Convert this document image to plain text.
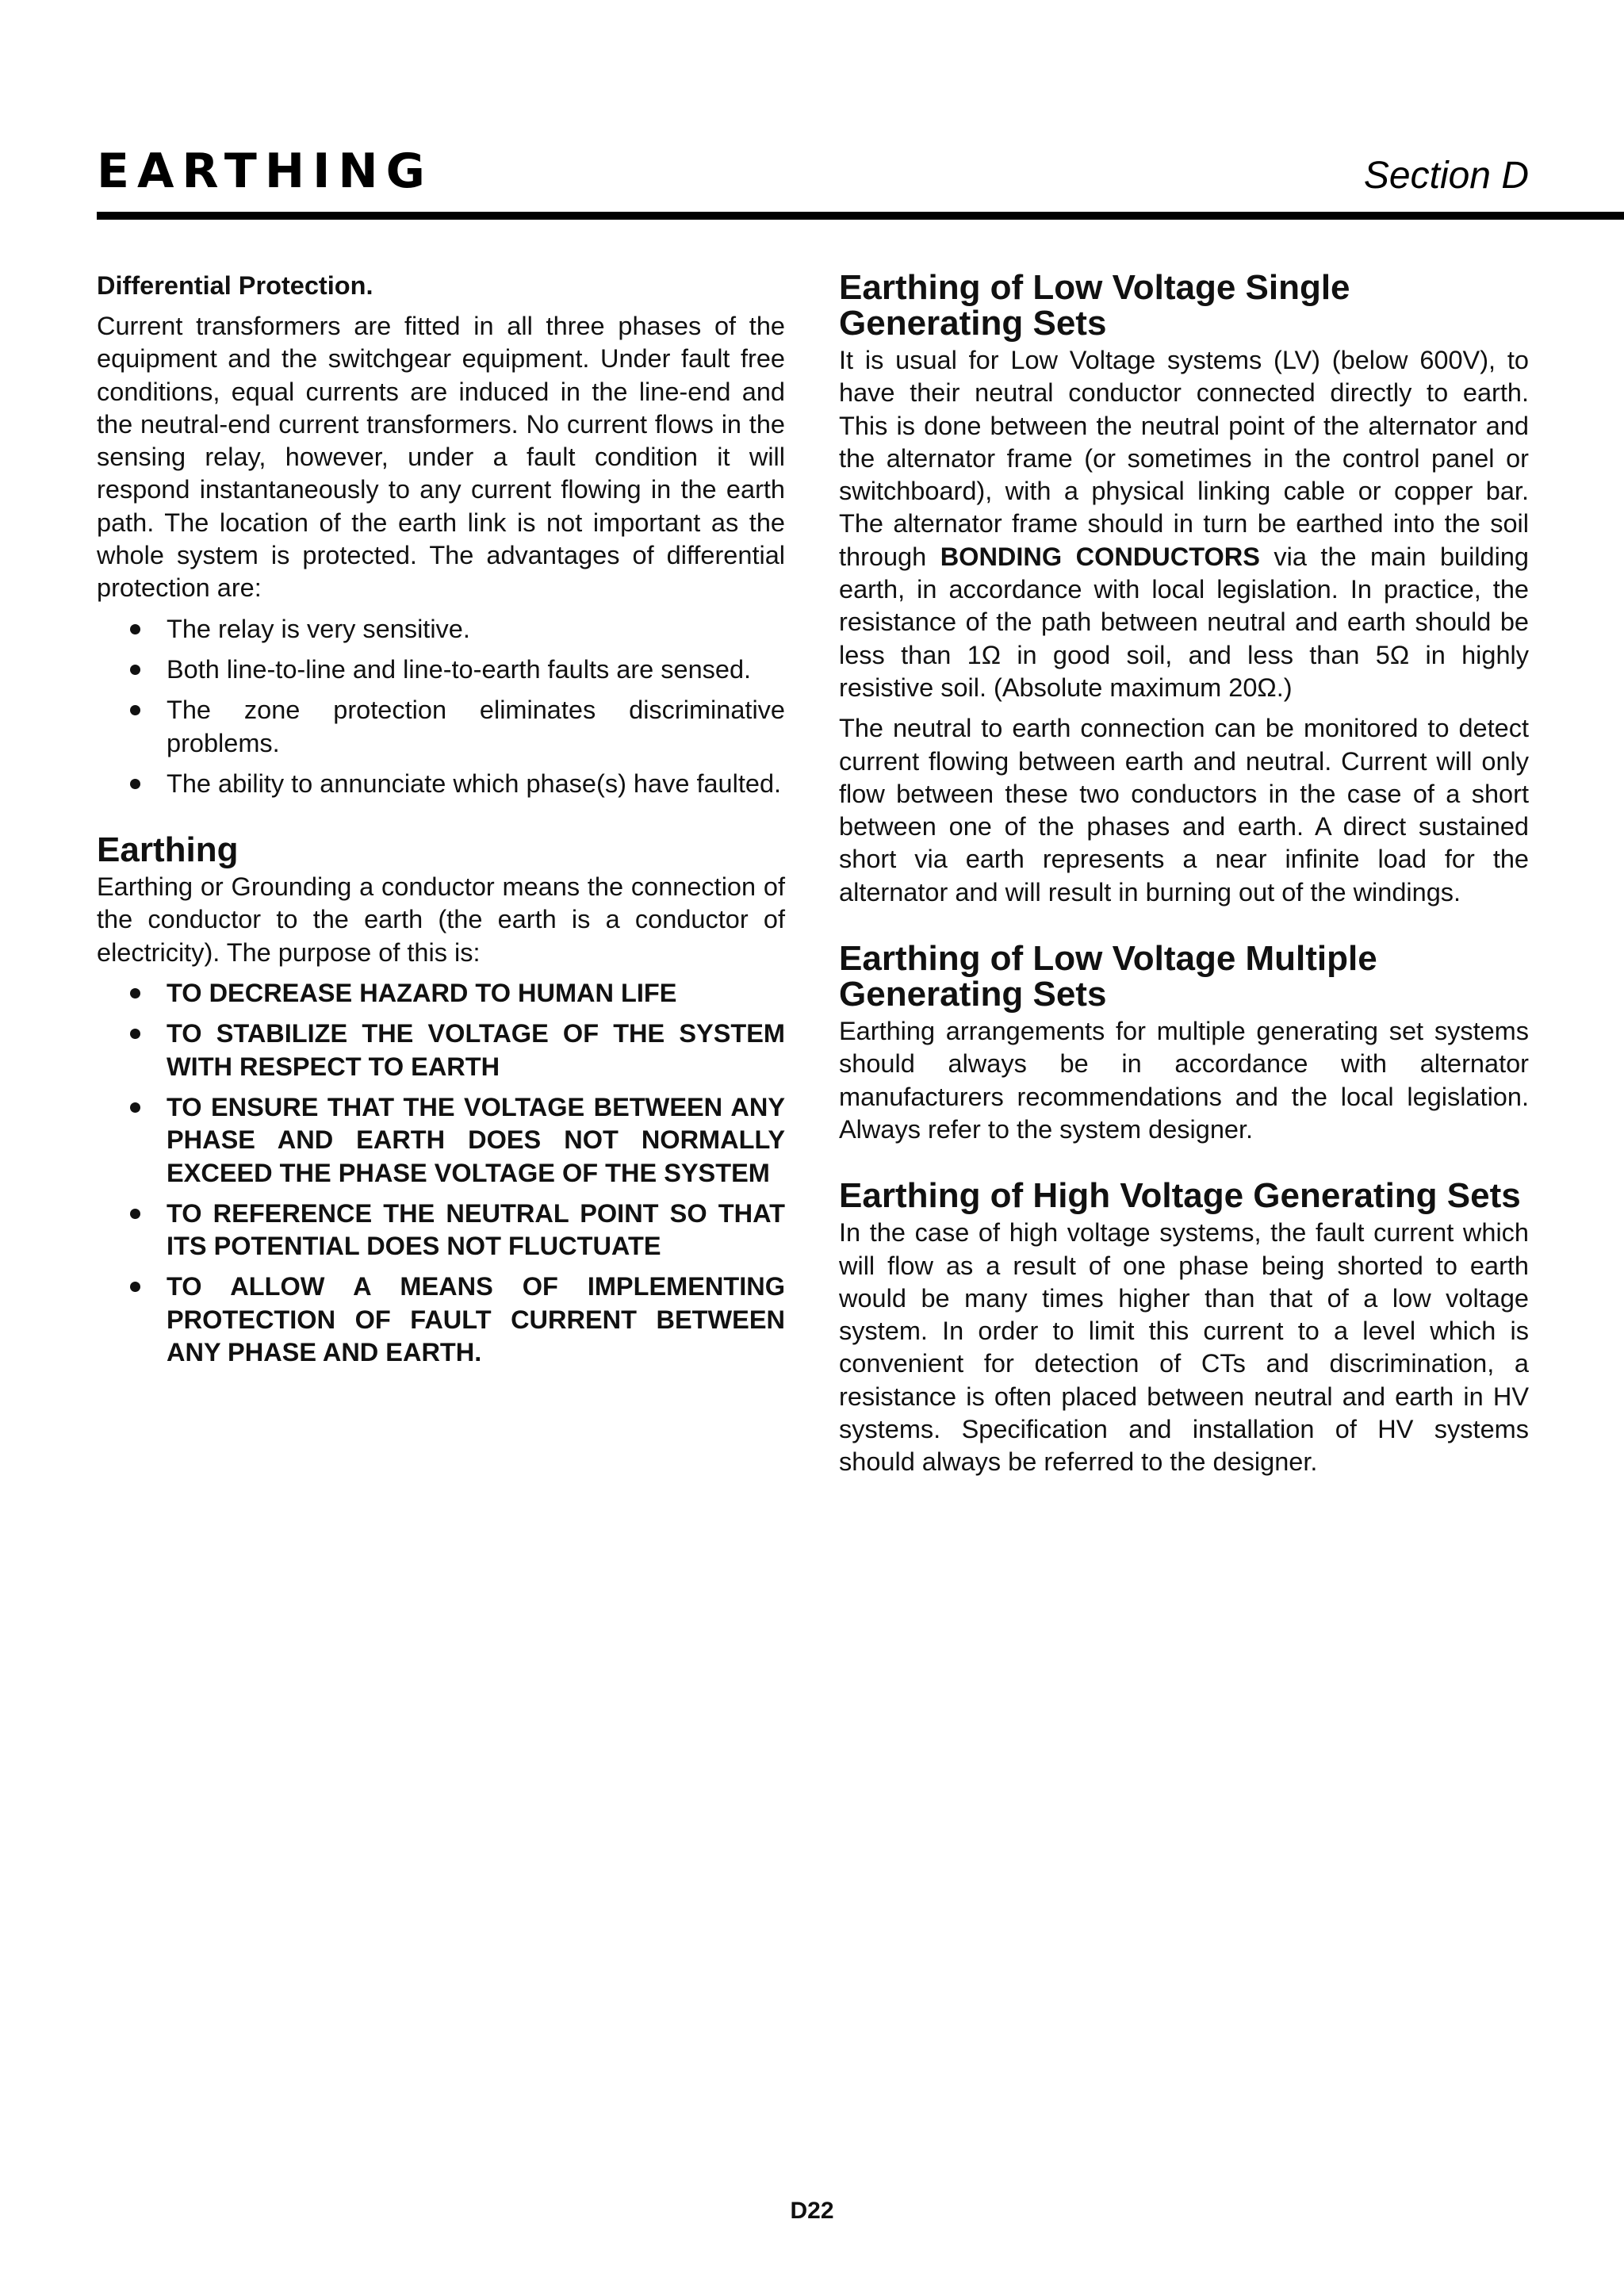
EARTHING	Section D
Differential Protection.

Current transformers are fitted in all three phases of the equipment and the switchgear equipment. Under fault free conditions, equal currents are induced in the line-end and the neutral-end current transformers. No current flows in the sensing relay, however, under a fault condition it will respond instantaneously to any current flowing in the earth path. The location of the earth link is not important as the whole system is protected. The advantages of differential protection are:

The relay is very sensitive.
Both line-to-line and line-to-earth faults are sensed.
The zone protection eliminates discriminative problems.
The ability to annunciate which phase(s) have faulted.
Earthing

Earthing or Grounding a conductor means the connection of the conductor to the earth (the earth is a conductor of electricity). The purpose of this is:

TO DECREASE HAZARD TO HUMAN LIFE
TO STABILIZE THE VOLTAGE OF THE SYSTEM WITH RESPECT TO EARTH
TO ENSURE THAT THE VOLTAGE BETWEEN ANY PHASE AND EARTH DOES NOT NORMALLY EXCEED THE PHASE VOLTAGE OF THE SYSTEM
TO REFERENCE THE NEUTRAL POINT SO THAT ITS POTENTIAL DOES NOT FLUCTUATE
TO ALLOW A MEANS OF IMPLEMENTING PROTECTION OF FAULT CURRENT BETWEEN ANY PHASE AND EARTH.
Earthing of Low Voltage Single Generating Sets

It is usual for Low Voltage systems (LV) (below 600V), to have their neutral conductor connected directly to earth. This is done between the neutral point of the alternator and the alternator frame (or sometimes in the control panel or switchboard), with a physical linking cable or copper bar. The alternator frame should in turn be earthed into the soil through BONDING CONDUCTORS via the main building earth, in accordance with local legislation. In practice, the resistance of the path between neutral and earth should be less than 1Ω in good soil, and less than 5Ω in highly resistive soil. (Absolute maximum 20Ω.)

The neutral to earth connection can be monitored to detect current flowing between earth and neutral. Current will only flow between these two conductors in the case of a short between one of the phases and earth. A direct sustained short via earth represents a near infinite load for the alternator and will result in burning out of the windings.

Earthing of Low Voltage Multiple Generating Sets

Earthing arrangements for multiple generating set systems should always be in accordance with alternator manufacturers recommendations and the local legislation. Always refer to the system designer.

Earthing of High Voltage Generating Sets

In the case of high voltage systems, the fault current which will flow as a result of one phase being shorted to earth would be many times higher than that of a low voltage system. In order to limit this current to a level which is convenient for detection of CTs and discrimination, a resistance is often placed between neutral and earth in HV systems. Specification and installation of HV systems should always be referred to the designer.

D22
